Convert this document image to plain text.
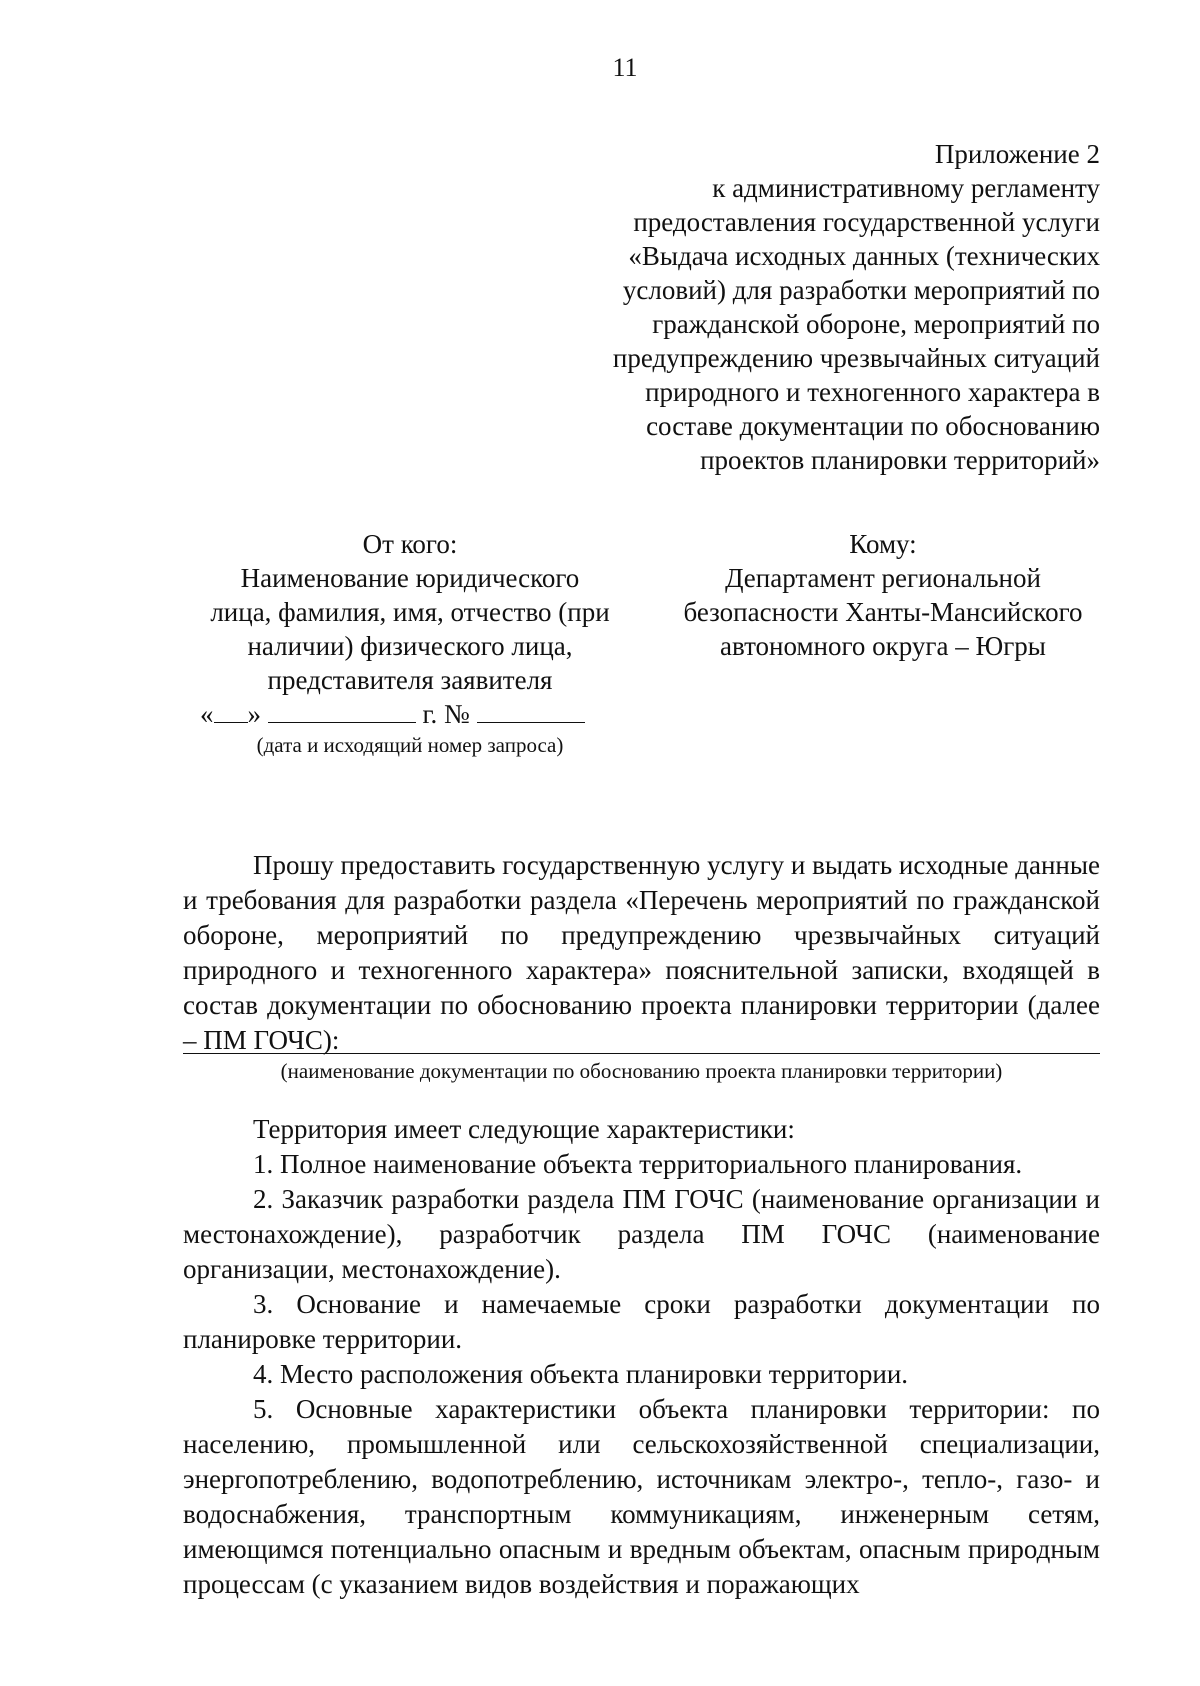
11
Приложение 2
к административному регламенту
предоставления государственной услуги
«Выдача исходных данных (технических
условий) для разработки мероприятий по
гражданской обороне, мероприятий по
предупреждению чрезвычайных ситуаций
природного и техногенного характера в
составе документации по обоснованию
проектов планировки территорий»
От кого:
Наименование юридического
лица, фамилия, имя, отчество (при
наличии) физического лица,
представителя заявителя
« »	г. №
(дата и исходящий номер запроса)
Кому:
Департамент региональной
безопасности Ханты-Мансийского
автономного округа – Югры

Прошу предоставить государственную услугу и выдать исходные данные и требования для разработки раздела «Перечень мероприятий по гражданской обороне, мероприятий по предупреждению чрезвычайных ситуаций природного и техногенного характера» пояснительной записки, входящей в состав документации по обоснованию проекта планировки территории (далее – ПМ ГОЧС):

(наименование документации по обоснованию проекта планировки территории)

Территория имеет следующие характеристики:

1. Полное наименование объекта территориального планирования.

2. Заказчик разработки раздела ПМ ГОЧС (наименование организации и местонахождение), разработчик раздела ПМ ГОЧС (наименование организации, местонахождение).

3. Основание и намечаемые сроки разработки документации по планировке территории.

4. Место расположения объекта планировки территории.

5. Основные характеристики объекта планировки территории: по населению, промышленной или сельскохозяйственной специализации, энергопотреблению, водопотреблению, источникам электро-, тепло-, газо- и водоснабжения, транспортным коммуникациям, инженерным сетям, имеющимся потенциально опасным и вредным объектам, опасным природным процессам (с указанием видов воздействия и поражающих
